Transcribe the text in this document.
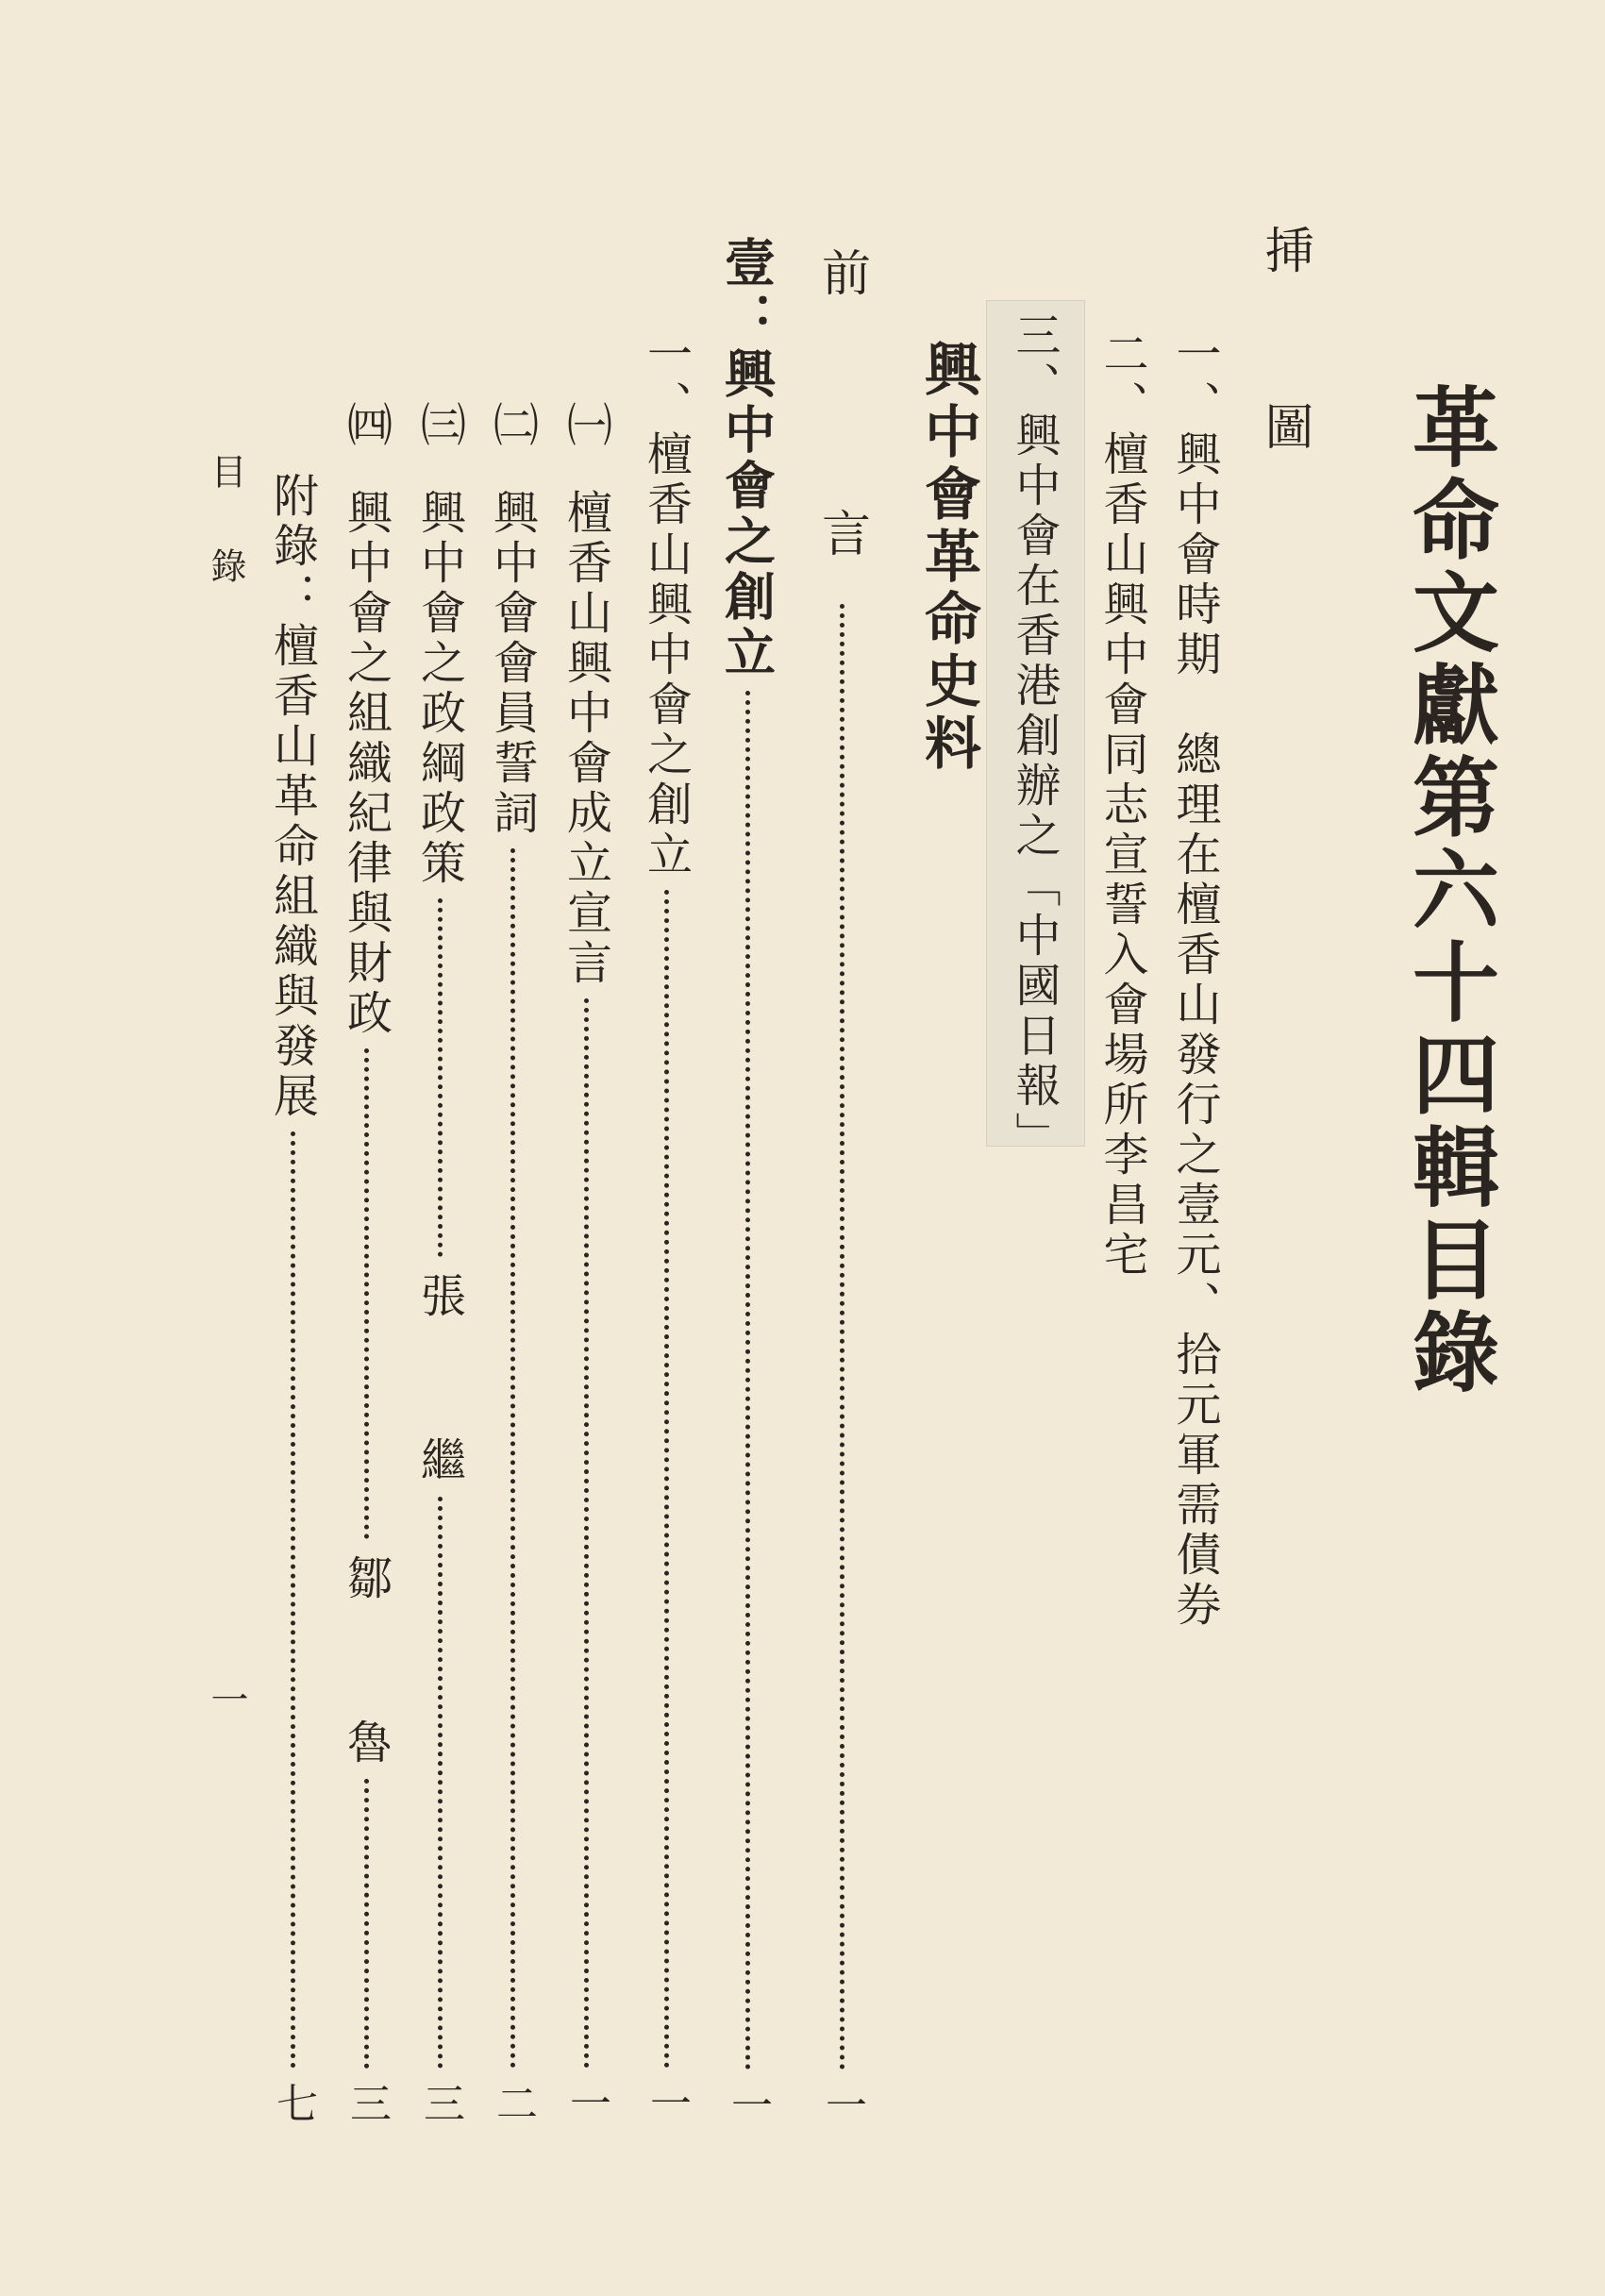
革命文獻第六十四輯目錄
挿
圖
一、興中會時期　總理在檀香山發行之壹元、拾元軍需債券
二、檀香山興中會同志宣誓入會場所李昌宅
三、興中會在香港創辦之「中國日報」
興中會革命史料
前　　言
一
壹：興中會之創立
一
一、檀香山興中會之創立
一
㈠
檀香山興中會成立宣言
一
㈡
興中會會員誓詞
二
㈢
興中會之政綱政策
張
繼
三
㈣
興中會之組織紀律與財政
鄒
魯
三
附錄：檀香山革命組織與發展
七
目
錄
一
